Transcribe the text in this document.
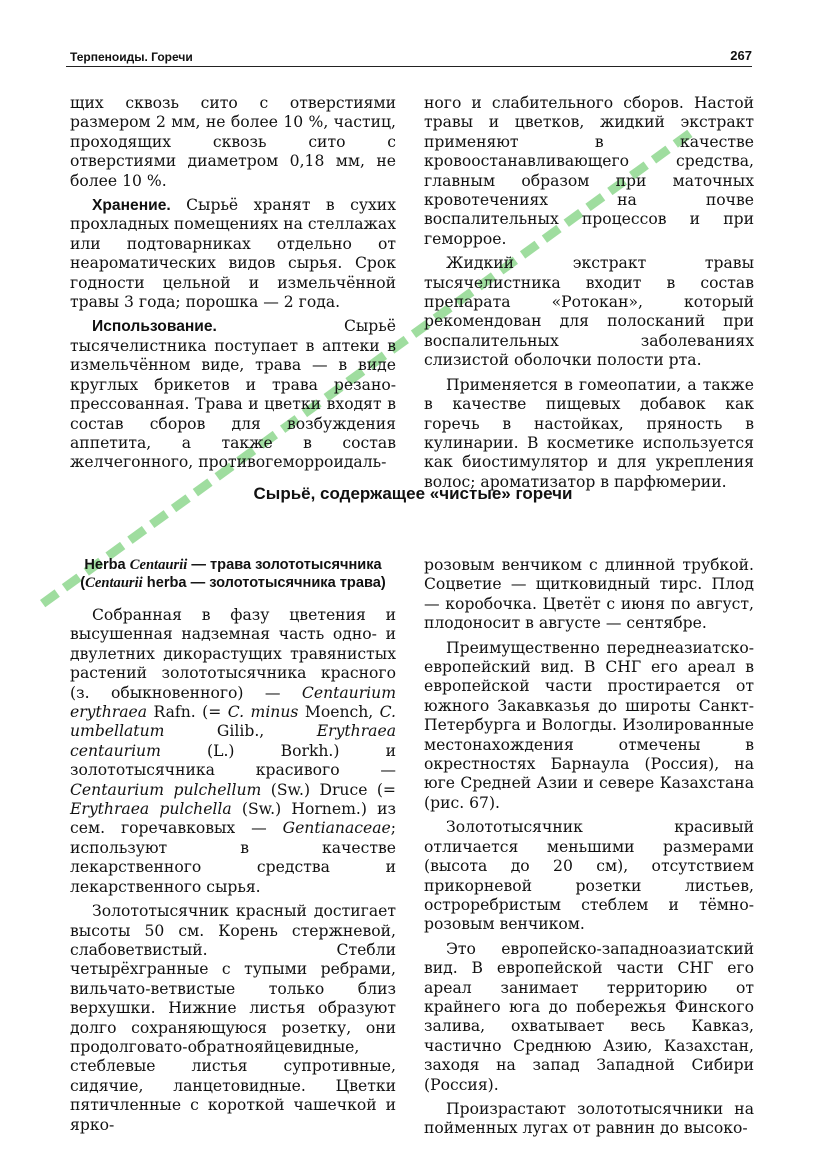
Терпеноиды. Горечи	267

щих сквозь сито с отверстиями размером 2 мм, не более 10 %, частиц, проходящих сквозь сито с отверстиями диаметром 0,18 мм, не более 10 %.

Хранение. Сырьё хранят в сухих прохладных помещениях на стеллажах или подтоварниках отдельно от неароматических видов сырья. Срок годности цельной и измельчённой травы 3 года; порошка — 2 года.

Использование. Сырьё тысячелистника поступает в аптеки в измельчённом виде, трава — в виде круглых брикетов и трава резано-прессованная. Трава и цветки входят в состав сборов для возбуждения аппетита, а также в состав желчегонного, противогеморроидаль-

ного и слабительного сборов. Настой травы и цветков, жидкий экстракт применяют в качестве кровоостанавливающего средства, главным образом при маточных кровотечениях на почве воспалительных процессов и при геморрое.

Жидкий экстракт травы тысячелистника входит в состав препарата «Ротокан», который рекомендован для полосканий при воспалительных заболеваниях слизистой оболочки полости рта.

Применяется в гомеопатии, а также в качестве пищевых добавок как горечь в настойках, пряность в кулинарии. В косметике используется как биостимулятор и для укрепления волос; ароматизатор в парфюмерии.

Сырьё, содержащее «чистые» горечи
Herba Centaurii — трава золототысячника (Centaurii herba — золототысячника трава)

Собранная в фазу цветения и высушенная надземная часть одно- и двулетних дикорастущих травянистых растений золототысячника красного (з. обыкновенного) — Centaurium erythraea Rafn. (= C. minus Moench, C. umbellatum Gilib., Erythraea centaurium (L.) Borkh.) и золототысячника красивого — Centaurium pulchellum (Sw.) Druce (= Erythraea pulchella (Sw.) Hornem.) из сем. горечавковых — Gentianaceae; используют в качестве лекарственного средства и лекарственного сырья.

Золототысячник красный достигает высоты 50 см. Корень стержневой, слабоветвистый. Стебли четырёхгранные с тупыми ребрами, вильчато-ветвистые только близ верхушки. Нижние листья образуют долго сохраняющуюся розетку, они продолговато-обратнояйцевидные, стеблевые листья супротивные, сидячие, ланцетовидные. Цветки пятичленные с короткой чашечкой и ярко-

розовым венчиком с длинной трубкой. Соцветие — щитковидный тирс. Плод — коробочка. Цветёт с июня по август, плодоносит в августе — сентябре.

Преимущественно переднеазиатско-европейский вид. В СНГ его ареал в европейской части простирается от южного Закавказья до широты Санкт-Петербурга и Вологды. Изолированные местонахождения отмечены в окрестностях Барнаула (Россия), на юге Средней Азии и севере Казахстана (рис. 67).

Золототысячник красивый отличается меньшими размерами (высота до 20 см), отсутствием прикорневой розетки листьев, остроребристым стеблем и тёмно-розовым венчиком.

Это европейско-западноазиатский вид. В европейской части СНГ его ареал занимает территорию от крайнего юга до побережья Финского залива, охватывает весь Кавказ, частично Среднюю Азию, Казахстан, заходя на запад Западной Сибири (Россия).

Произрастают золототысячники на пойменных лугах от равнин до высоко-
